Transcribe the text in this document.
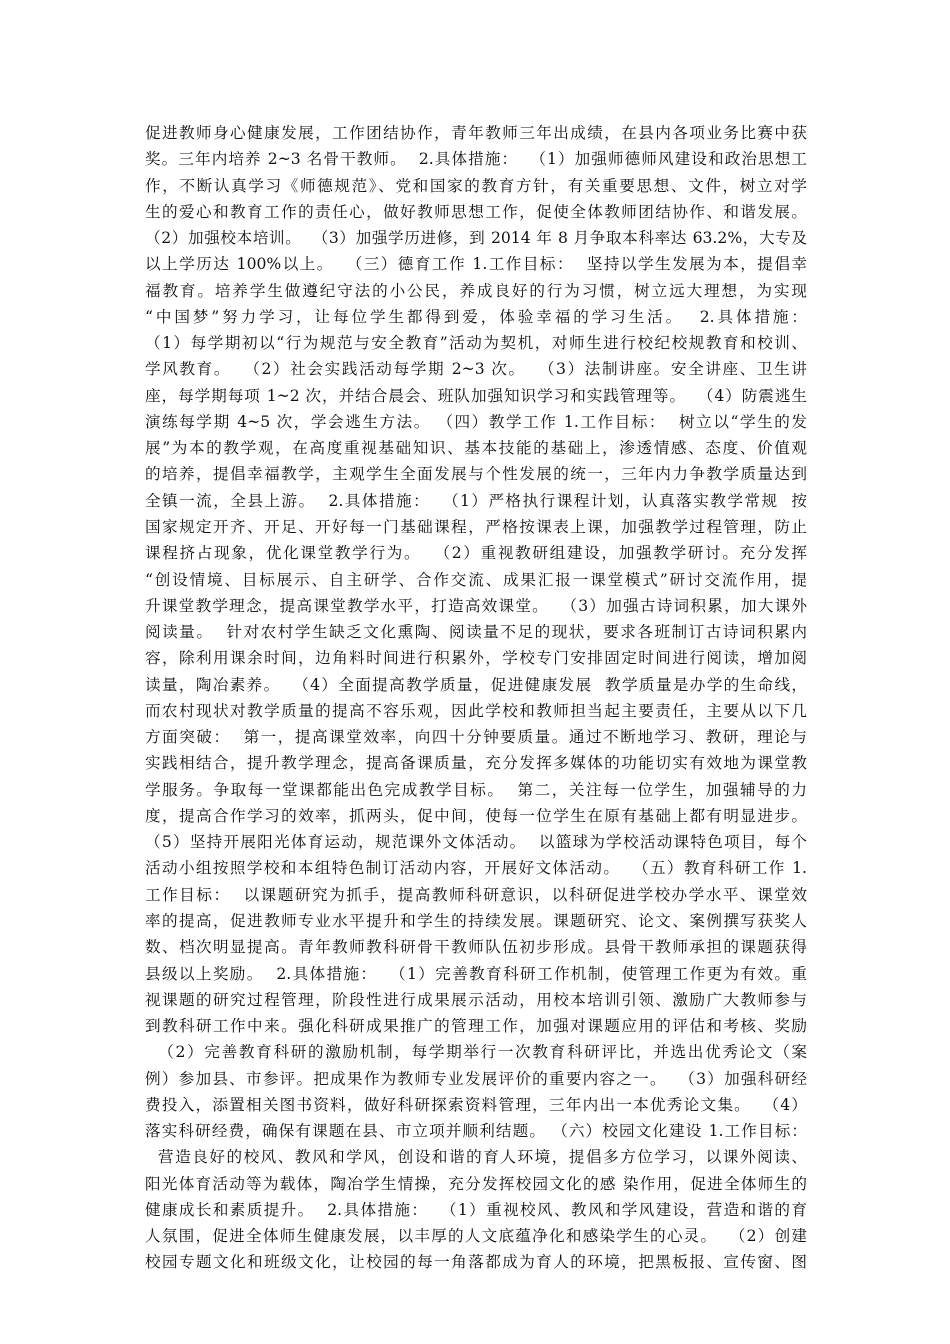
促进教师身心健康发展，工作团结协作，青年教师三年出成绩，在县内各项业务比赛中获
奖。三年内培养 2~3 名骨干教师。  2.具体措施：  （1）加强师德师风建设和政治思想工
作，不断认真学习《师德规范》、党和国家的教育方针，有关重要思想、文件，树立对学
生的爱心和教育工作的责任心，做好教师思想工作，促使全体教师团结协作、和谐发展。
（2）加强校本培训。  （3）加强学历进修，到 2014 年 8 月争取本科率达 63.2%，大专及
以上学历达 100%以上。  （三）德育工作 1.工作目标：  坚持以学生发展为本，提倡幸
福教育。培养学生做遵纪守法的小公民，养成良好的行为习惯，树立远大理想，为实现
“中国梦”努力学习，让每位学生都得到爱，体验幸福的学习生活。  2.具体措施：
（1）每学期初以“行为规范与安全教育”活动为契机，对师生进行校纪校规教育和校训、
学风教育。  （2）社会实践活动每学期 2~3 次。  （3）法制讲座。安全讲座、卫生讲
座，每学期每项 1~2 次，并结合晨会、班队加强知识学习和实践管理等。  （4）防震逃生
演练每学期 4~5 次，学会逃生方法。 （四）教学工作 1.工作目标：  树立以“学生的发
展”为本的教学观，在高度重视基础知识、基本技能的基础上，渗透情感、态度、价值观
的培养，提倡幸福教学，主观学生全面发展与个性发展的统一，三年内力争教学质量达到
全镇一流，全县上游。  2.具体措施：  （1）严格执行课程计划，认真落实教学常规  按
国家规定开齐、开足、开好每一门基础课程，严格按课表上课，加强教学过程管理，防止
课程挤占现象，优化课堂教学行为。  （2）重视教研组建设，加强教学研讨。充分发挥
“创设情境、目标展示、自主研学、合作交流、成果汇报一课堂模式”研讨交流作用，提
升课堂教学理念，提高课堂教学水平，打造高效课堂。  （3）加强古诗词积累，加大课外
阅读量。  针对农村学生缺乏文化熏陶、阅读量不足的现状，要求各班制订古诗词积累内
容，除利用课余时间，边角料时间进行积累外，学校专门安排固定时间进行阅读，增加阅
读量，陶冶素养。  （4）全面提高教学质量，促进健康发展  教学质量是办学的生命线，
而农村现状对教学质量的提高不容乐观，因此学校和教师担当起主要责任，主要从以下几
方面突破：  第一，提高课堂效率，向四十分钟要质量。通过不断地学习、教研，理论与
实践相结合，提升教学理念，提高备课质量，充分发挥多媒体的功能切实有效地为课堂教
学服务。争取每一堂课都能出色完成教学目标。  第二，关注每一位学生，加强辅导的力
度，提高合作学习的效率，抓两头，促中间，使每一位学生在原有基础上都有明显进步。
（5）坚持开展阳光体育运动，规范课外文体活动。  以篮球为学校活动课特色项目，每个
活动小组按照学校和本组特色制订活动内容，开展好文体活动。  （五）教育科研工作 1.
工作目标：  以课题研究为抓手，提高教师科研意识，以科研促进学校办学水平、课堂效
率的提高，促进教师专业水平提升和学生的持续发展。课题研究、论文、案例撰写获奖人
数、档次明显提高。青年教师教科研骨干教师队伍初步形成。县骨干教师承担的课题获得
县级以上奖励。  2.具体措施：  （1）完善教育科研工作机制，使管理工作更为有效。重
视课题的研究过程管理，阶段性进行成果展示活动，用校本培训引领、激励广大教师参与
到教科研工作中来。强化科研成果推广的管理工作，加强对课题应用的评估和考核、奖励
（2）完善教育科研的激励机制，每学期举行一次教育科研评比，并选出优秀论文（案
例）参加县、市参评。把成果作为教师专业发展评价的重要内容之一。  （3）加强科研经
费投入，添置相关图书资料，做好科研探索资料管理，三年内出一本优秀论文集。  （4）
落实科研经费，确保有课题在县、市立项并顺利结题。 （六）校园文化建设 1.工作目标：
营造良好的校风、教风和学风，创设和谐的育人环境，提倡多方位学习，以课外阅读、
阳光体育活动等为载体，陶冶学生情操，充分发挥校园文化的感 染作用，促进全体师生的
健康成长和素质提升。  2.具体措施：  （1）重视校风、教风和学风建设，营造和谐的育
人氛围，促进全体师生健康发展，以丰厚的人文底蕴净化和感染学生的心灵。  （2）创建
校园专题文化和班级文化，让校园的每一角落都成为育人的环境，把黑板报、宣传窗、图
